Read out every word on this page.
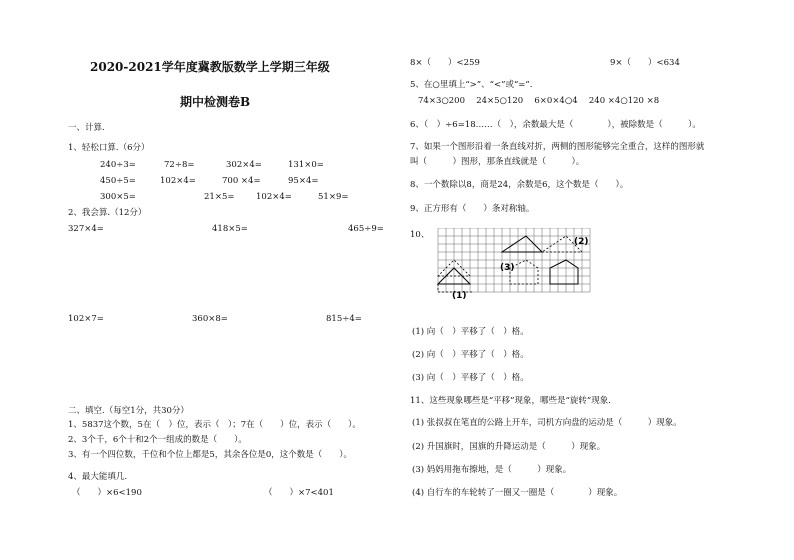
2020-2021学年度冀教版数学上学期三年级
期中检测卷B
一、计算.
1、轻松口算.（6分）
240÷3=	72÷8=	302×4=	131×0=
450÷5=	102×4=	700 ×4=	95×4=
300×5=	21×5=	102×4=	51×9=
2、我会算.（12分）
327×4=	418×5=	465÷9=
102×7=	360×8=	815÷4=
二、填空.（每空1分，共30分）
1、5837这个数，5在（　）位，表示（　）；7在（　　）位，表示（　　）。
2、3个千，6个十和2个一组成的数是（　　）。
3、有一个四位数，千位和个位上都是5，其余各位是0，这个数是（　　）。
4、最大能填几.
（　　）×6<190	（　　）×7<401
8×（　　）<259	9×（　　）<634
5、在○里填上“>”、“<”或“=”.
74×3○200　 24×5○120　 6×0×4○4　 240 ×4○120 ×8
6、（　）÷6=18……（　），余数最大是（　　　　），被除数是（　　　）。
7、如果一个图形沿着一条直线对折，两侧的图形能够完全重合，这样的图形就
叫（　　　）图形，那条直线就是（　　　）。
8、一个数除以8，商是24，余数是6，这个数是（　　）。
9、正方形有（　　）条对称轴。
10、
(1)
(2)
(3)
(1) 向（　）平移了（　）格。
(2) 向（　）平移了（　）格。
(3) 向（　）平移了（　）格。
11、这些现象哪些是“平移”现象，哪些是“旋转”现象.
(1) 张叔叔在笔直的公路上开车，司机方向盘的运动是（　　　）现象。
(2) 升国旗时，国旗的升降运动是（　　　）现象。
(3) 妈妈用拖布擦地，是（　　　）现象。
(4) 自行车的车轮转了一圈又一圈是（　　　　）现象。
